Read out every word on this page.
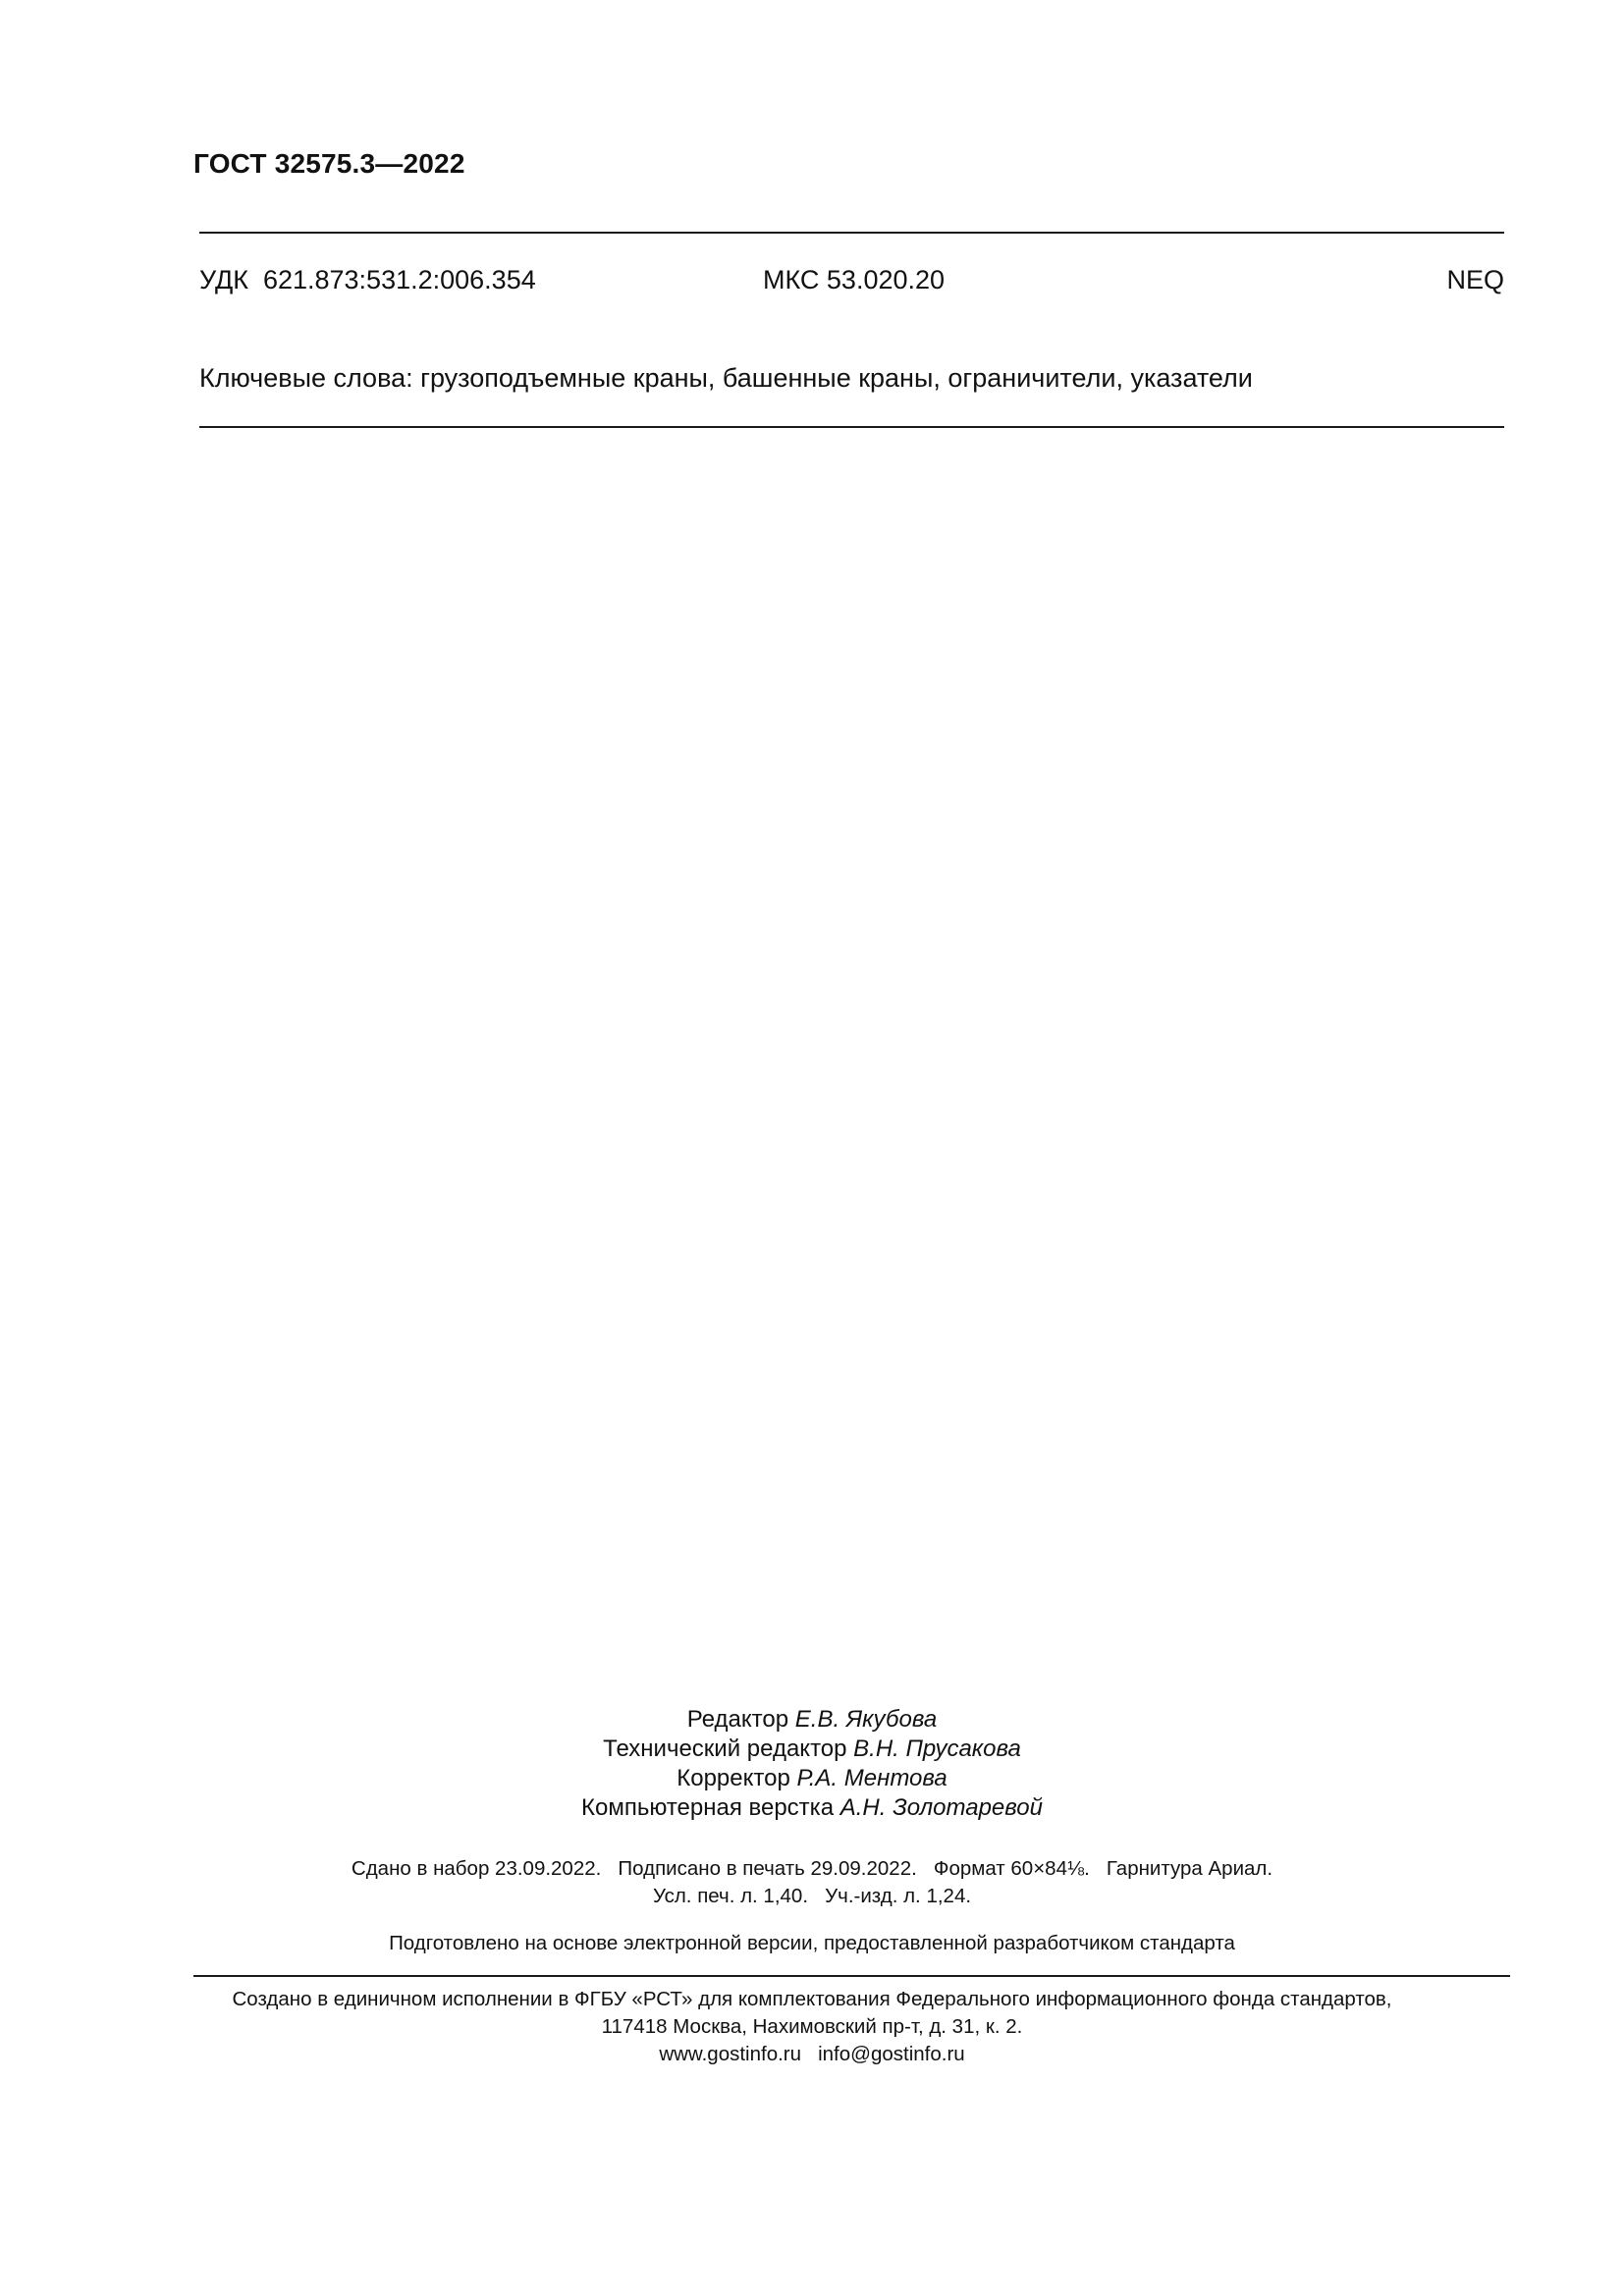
ГОСТ 32575.3—2022
УДК  621.873:531.2:006.354	МКС 53.020.20	NEQ
Ключевые слова: грузоподъемные краны, башенные краны, ограничители, указатели
Редактор Е.В. Якубова
Технический редактор В.Н. Прусакова
Корректор Р.А. Ментова
Компьютерная верстка А.Н. Золотаревой
Сдано в набор 23.09.2022.   Подписано в печать 29.09.2022.   Формат 60×84⅛.   Гарнитура Ариал.
Усл. печ. л. 1,40.   Уч.-изд. л. 1,24.
Подготовлено на основе электронной версии, предоставленной разработчиком стандарта
Создано в единичном исполнении в ФГБУ «РСТ» для комплектования Федерального информационного фонда стандартов,
117418 Москва, Нахимовский пр-т, д. 31, к. 2.
www.gostinfo.ru   info@gostinfo.ru
